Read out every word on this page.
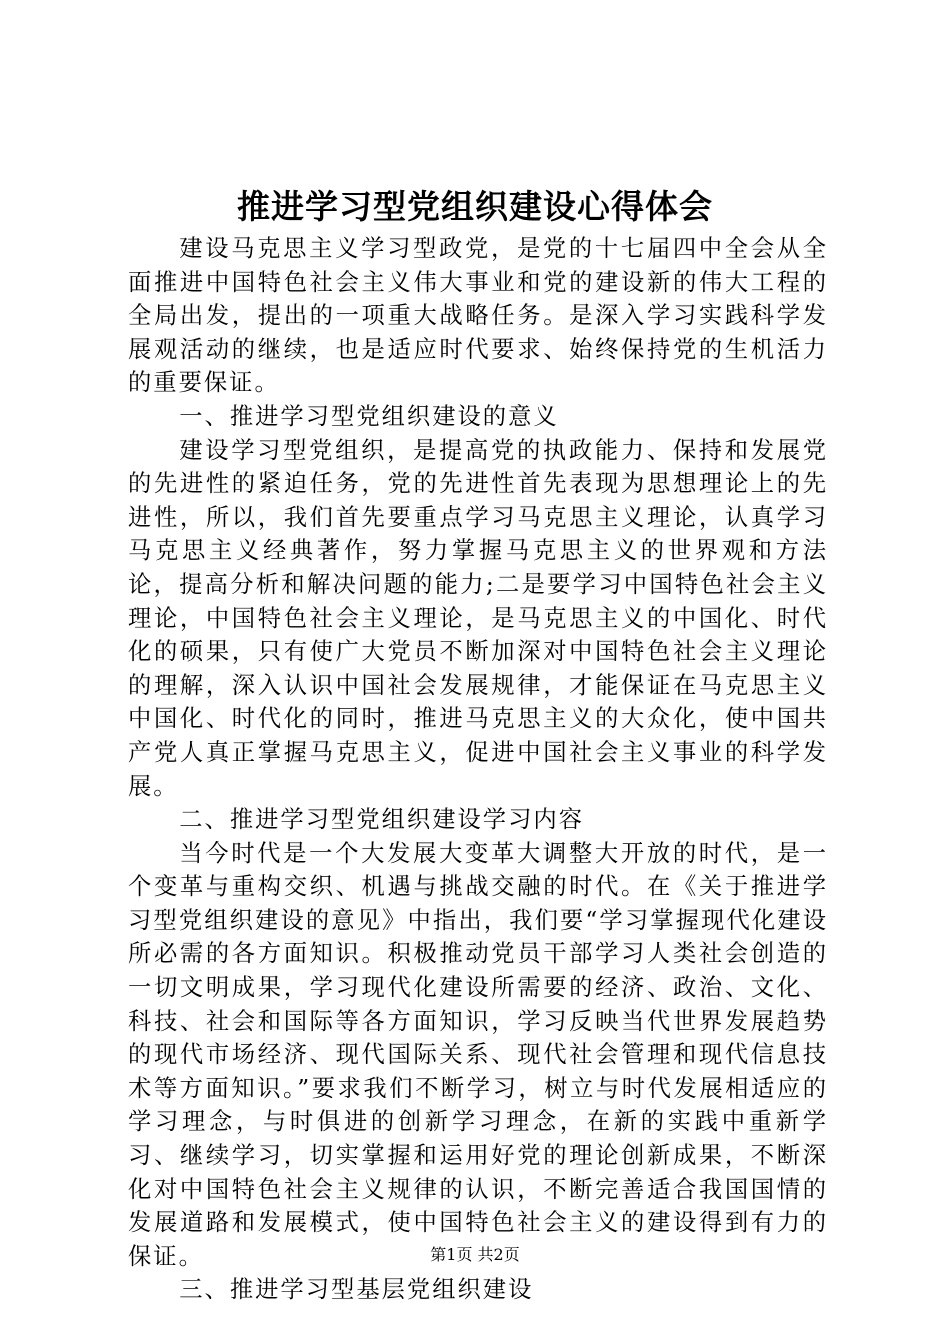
推进学习型党组织建设心得体会

建设马克思主义学习型政党，是党的十七届四中全会从全面推进中国特色社会主义伟大事业和党的建设新的伟大工程的全局出发，提出的一项重大战略任务。是深入学习实践科学发展观活动的继续，也是适应时代要求、始终保持党的生机活力的重要保证。

一、推进学习型党组织建设的意义

建设学习型党组织，是提高党的执政能力、保持和发展党的先进性的紧迫任务，党的先进性首先表现为思想理论上的先进性，所以，我们首先要重点学习马克思主义理论，认真学习马克思主义经典著作，努力掌握马克思主义的世界观和方法论，提高分析和解决问题的能力;二是要学习中国特色社会主义理论，中国特色社会主义理论，是马克思主义的中国化、时代化的硕果，只有使广大党员不断加深对中国特色社会主义理论的理解，深入认识中国社会发展规律，才能保证在马克思主义中国化、时代化的同时，推进马克思主义的大众化，使中国共产党人真正掌握马克思主义，促进中国社会主义事业的科学发展。

二、推进学习型党组织建设学习内容

当今时代是一个大发展大变革大调整大开放的时代，是一个变革与重构交织、机遇与挑战交融的时代。在《关于推进学习型党组织建设的意见》中指出，我们要“学习掌握现代化建设所必需的各方面知识。积极推动党员干部学习人类社会创造的一切文明成果，学习现代化建设所需要的经济、政治、文化、科技、社会和国际等各方面知识，学习反映当代世界发展趋势的现代市场经济、现代国际关系、现代社会管理和现代信息技术等方面知识。”要求我们不断学习，树立与时代发展相适应的学习理念，与时俱进的创新学习理念，在新的实践中重新学习、继续学习，切实掌握和运用好党的理论创新成果，不断深化对中国特色社会主义规律的认识，不断完善适合我国国情的发展道路和发展模式，使中国特色社会主义的建设得到有力的保证。

三、推进学习型基层党组织建设

第1页 共2页
